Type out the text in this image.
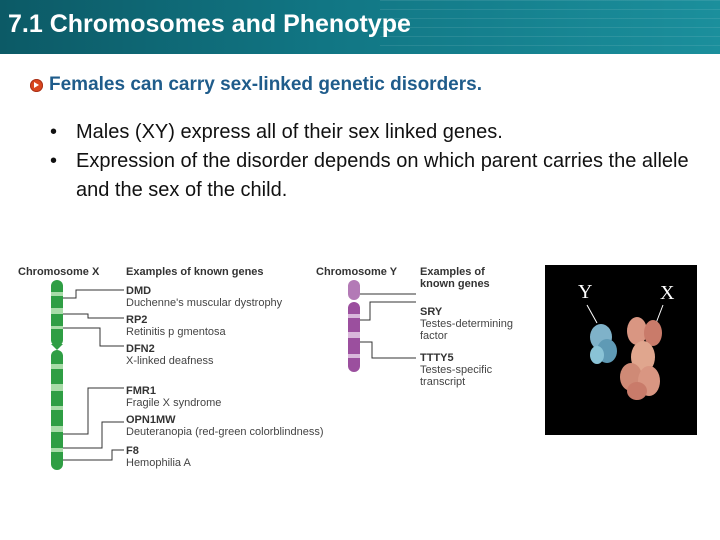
7.1 Chromosomes and Phenotype
Females can carry sex-linked genetic disorders.
• Males (XY) express all of their sex linked genes.
• Expression of the disorder depends on which parent carries the allele and the sex of the child.
Chromosome X Examples of known genes
DMD
Duchenne's muscular dystrophy
RP2
Retinitis p gmentosa
DFN2
X-linked deafness
FMR1
Fragile X syndrome
OPN1MW
Deuteranopia (red-green colorblindness)
F8
Hemophilia A
Chromosome Y Examples of
known genes
SRY
Testes-determining
factor
TTTY5
Testes-specific
transcript
Y	X
